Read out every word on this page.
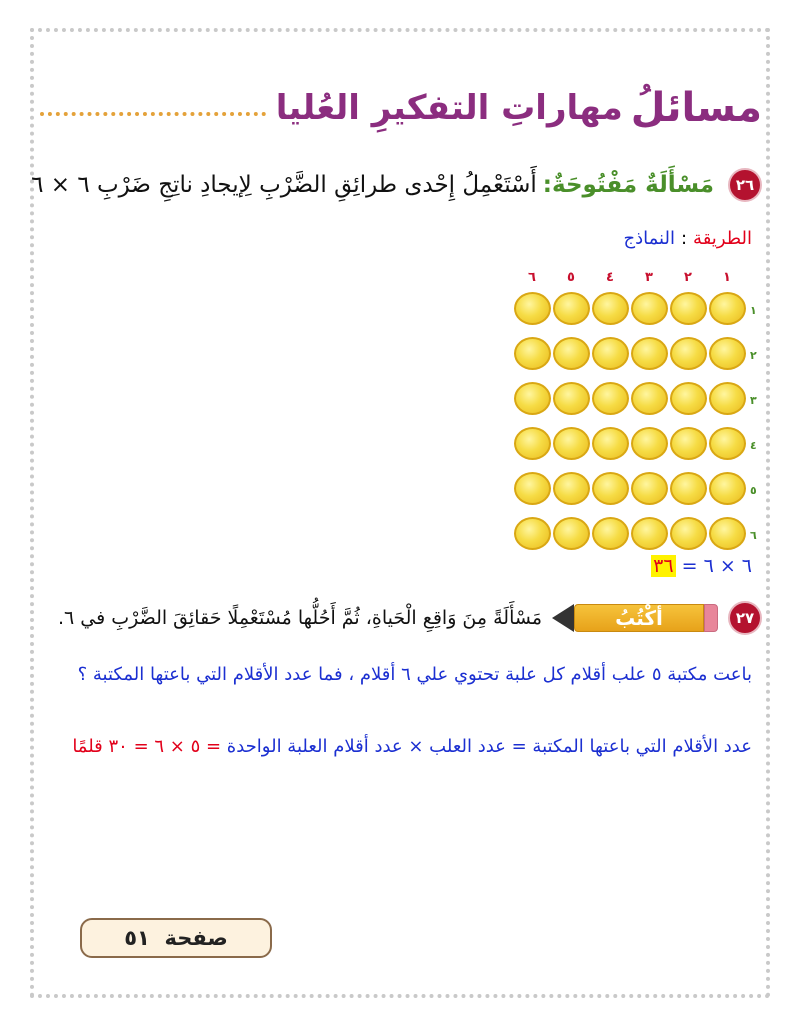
مسائلُ
مهاراتِ التفكيرِ العُليا
٢٦
مَسْأَلَةٌ مَفْتُوحَةٌ:
أَسْتَعْمِلُ إِحْدى طرائِقِ الضَّرْبِ لِإيجادِ ناتِجِ ضَرْبِ ٦ × ٦
الطريقة:النماذج
١
٢
٣
٤
٥
٦
١
٢
٣
٤
٥
٦
٦ × ٦ = ٣٦
٢٧
أَكْتُبُ
مَسْأَلَةً مِنَ وَاقِعِ الْحَياةِ، ثُمَّ أَحُلُّها مُسْتَعْمِلًا حَقائِقَ الضَّرْبِ في ٦.
باعت مكتبة ٥ علب أقلام كل علبة تحتوي علي ٦ أقلام ، فما عدد الأقلام التي باعتها المكتبة ؟
عدد الأقلام التي باعتها المكتبة = عدد العلب × عدد أقلام العلبة الواحدة = ٥ × ٦ = ٣٠ قلمًا
صفحة

٥١
